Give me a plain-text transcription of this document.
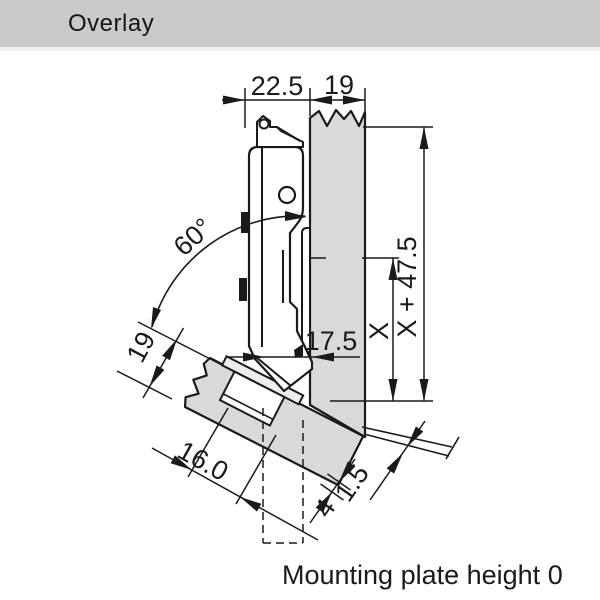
Overlay
22.5 19
60°
19	17.5 X
X + 47.5
16.0
4
1.5
Mounting plate height 0
